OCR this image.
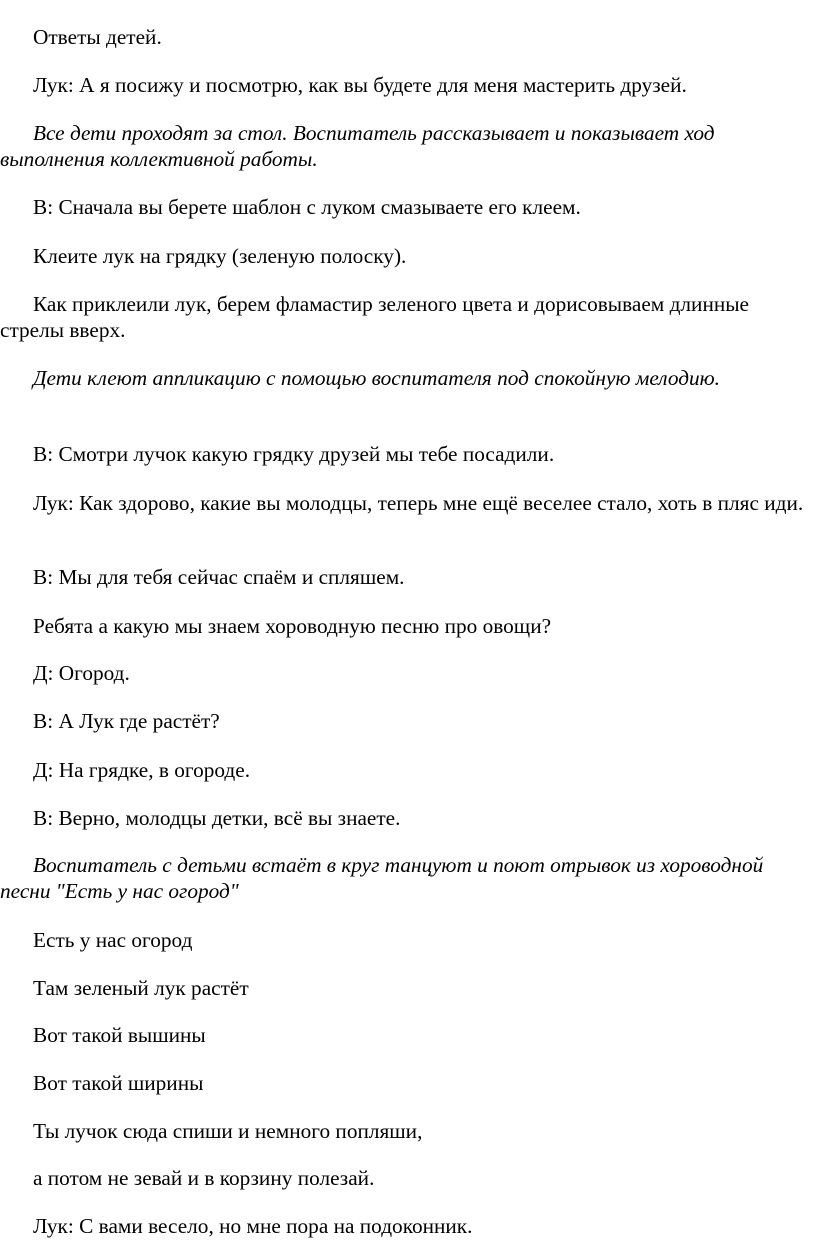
Ответы детей.

Лук: А я посижу и посмотрю, как вы будете для меня мастерить друзей.

Все дети проходят за стол. Воспитатель рассказывает и показывает ход выполнения коллективной работы.

В: Сначала вы берете шаблон с луком смазываете его клеем.

Клеите лук на грядку (зеленую полоску).

Как приклеили лук, берем фламастир зеленого цвета и дорисовываем длинные стрелы вверх.

Дети клеют аппликацию с помощью воспитателя под спокойную мелодию.

В: Смотри лучок какую грядку друзей мы тебе посадили.

Лук: Как здорово, какие вы молодцы, теперь мне ещё веселее стало, хоть в пляс иди.

В: Мы для тебя сейчас спаём и спляшем.

Ребята а какую мы знаем хороводную песню про овощи?

Д: Огород.

В: А Лук где растёт?

Д: На грядке, в огороде.

В: Верно, молодцы детки, всё вы знаете.

Воспитатель с детьми встаёт в круг танцуют и поют отрывок из хороводной песни "Есть у нас огород"

Есть у нас огород

Там зеленый лук растёт

Вот такой вышины

Вот такой ширины

Ты лучок сюда спиши и немного попляши,

а потом не зевай и в корзину полезай.

Лук: С вами весело, но мне пора на подоконник.
